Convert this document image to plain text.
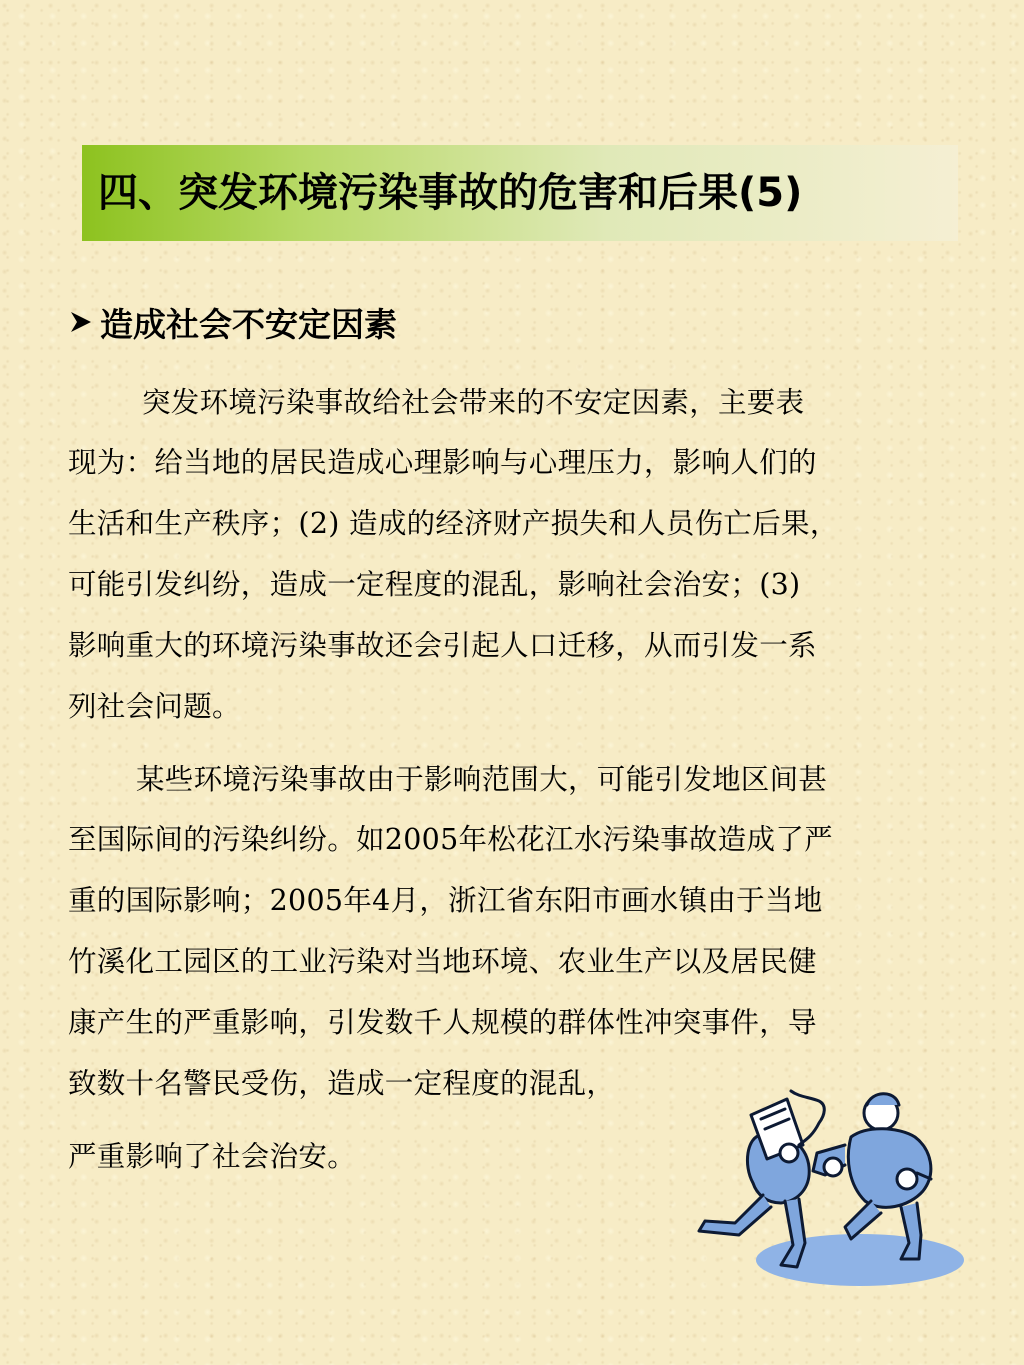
四、突发环境污染事故的危害和后果(5)
造成社会不安定因素
突发环境污染事故给社会带来的不安定因素，主要表
现为：给当地的居民造成心理影响与心理压力，影响人们的
生活和生产秩序；(2) 造成的经济财产损失和人员伤亡后果，
可能引发纠纷，造成一定程度的混乱，影响社会治安；(3)
影响重大的环境污染事故还会引起人口迁移，从而引发一系
列社会问题。
某些环境污染事故由于影响范围大，可能引发地区间甚
至国际间的污染纠纷。如2005年松花江水污染事故造成了严
重的国际影响；2005年4月，浙江省东阳市画水镇由于当地
竹溪化工园区的工业污染对当地环境、农业生产以及居民健
康产生的严重影响，引发数千人规模的群体性冲突事件，导
致数十名警民受伤，造成一定程度的混乱，
严重影响了社会治安。
